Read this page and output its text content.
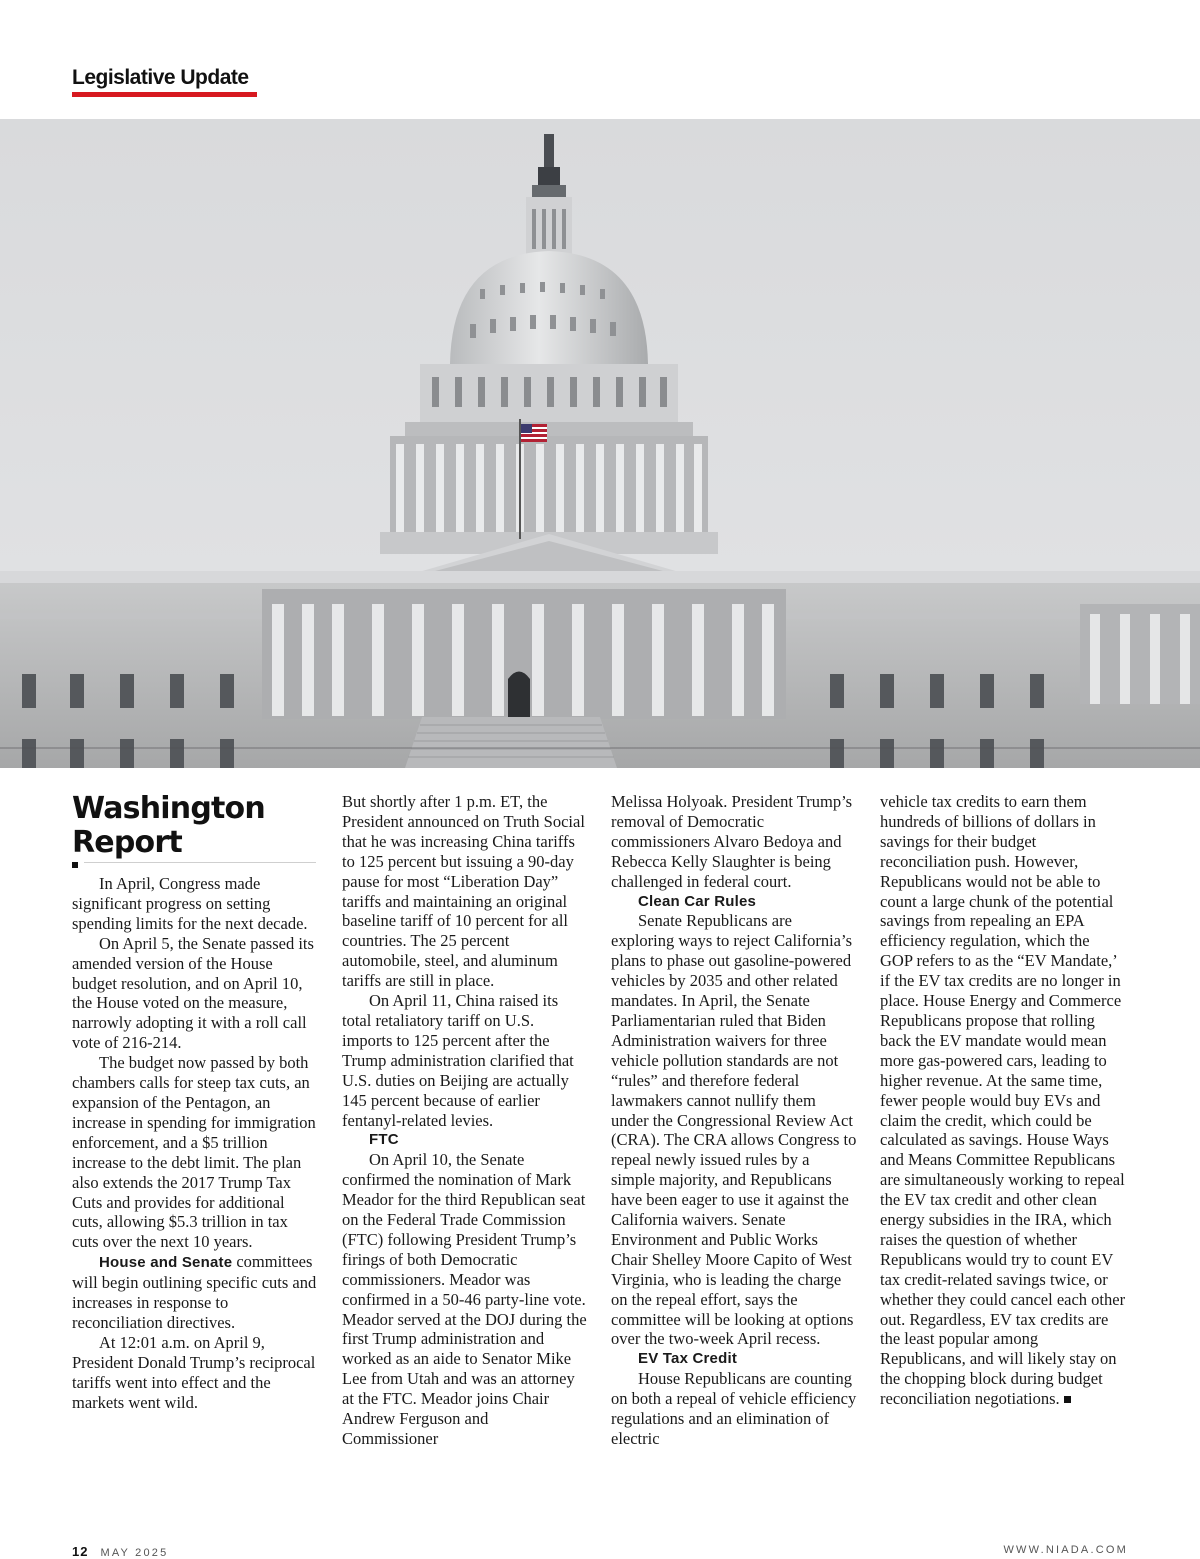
Legislative Update
Washington Report

In April, Congress made significant progress on setting spending limits for the next decade.

On April 5, the Senate passed its amended version of the House budget resolution, and on April 10, the House voted on the measure, narrowly adopting it with a roll call vote of 216-214.

The budget now passed by both chambers calls for steep tax cuts, an expansion of the Pentagon, an increase in spending for immigration enforcement, and a $5 trillion increase to the debt limit. The plan also extends the 2017 Trump Tax Cuts and provides for additional cuts, allowing $5.3 trillion in tax cuts over the next 10 years.

House and Senate committees will begin outlining specific cuts and increases in response to reconciliation directives.

At 12:01 a.m. on April 9, President Donald Trump’s reciprocal tariffs went into effect and the markets went wild.

But shortly after 1 p.m. ET, the President announced on Truth Social that he was increasing China tariffs to 125 percent but issuing a 90-day pause for most “Liberation Day” tariffs and maintaining an original baseline tariff of 10 percent for all countries. The 25 percent automobile, steel, and aluminum tariffs are still in place.

On April 11, China raised its total retaliatory tariff on U.S. imports to 125 percent after the Trump administration clarified that U.S. duties on Beijing are actually 145 percent because of earlier fentanyl-related levies.

FTC

On April 10, the Senate confirmed the nomination of Mark Meador for the third Republican seat on the Federal Trade Commission (FTC) following President Trump’s firings of both Democratic commissioners. Meador was confirmed in a 50-46 party-line vote. Meador served at the DOJ during the first Trump administration and worked as an aide to Senator Mike Lee from Utah and was an attorney at the FTC. Meador joins Chair Andrew Ferguson and Commissioner

Melissa Holyoak. President Trump’s removal of Democratic commissioners Alvaro Bedoya and Rebecca Kelly Slaughter is being challenged in federal court.

Clean Car Rules

Senate Republicans are exploring ways to reject California’s plans to phase out gasoline-powered vehicles by 2035 and other related mandates. In April, the Senate Parliamentarian ruled that Biden Administration waivers for three vehicle pollution standards are not “rules” and therefore federal lawmakers cannot nullify them under the Congressional Review Act (CRA). The CRA allows Congress to repeal newly issued rules by a simple majority, and Republicans have been eager to use it against the California waivers. Senate Environment and Public Works Chair Shelley Moore Capito of West Virginia, who is leading the charge on the repeal effort, says the committee will be looking at options over the two-week April recess.

EV Tax Credit

House Republicans are counting on both a repeal of vehicle efficiency regulations and an elimination of electric

vehicle tax credits to earn them hundreds of billions of dollars in savings for their budget reconciliation push. However, Republicans would not be able to count a large chunk of the potential savings from repealing an EPA efficiency regulation, which the GOP refers to as the “EV Mandate,’ if the EV tax credits are no longer in place. House Energy and Commerce Republicans propose that rolling back the EV mandate would mean more gas-powered cars, leading to higher revenue. At the same time, fewer people would buy EVs and claim the credit, which could be calculated as savings. House Ways and Means Committee Republicans are simultaneously working to repeal the EV tax credit and other clean energy subsidies in the IRA, which raises the question of whether Republicans would try to count EV tax credit-related savings twice, or whether they could cancel each other out. Regardless, EV tax credits are the least popular among Republicans, and will likely stay on the chopping block during budget reconciliation negotiations.

12 MAY 2025	WWW.NIADA.COM
